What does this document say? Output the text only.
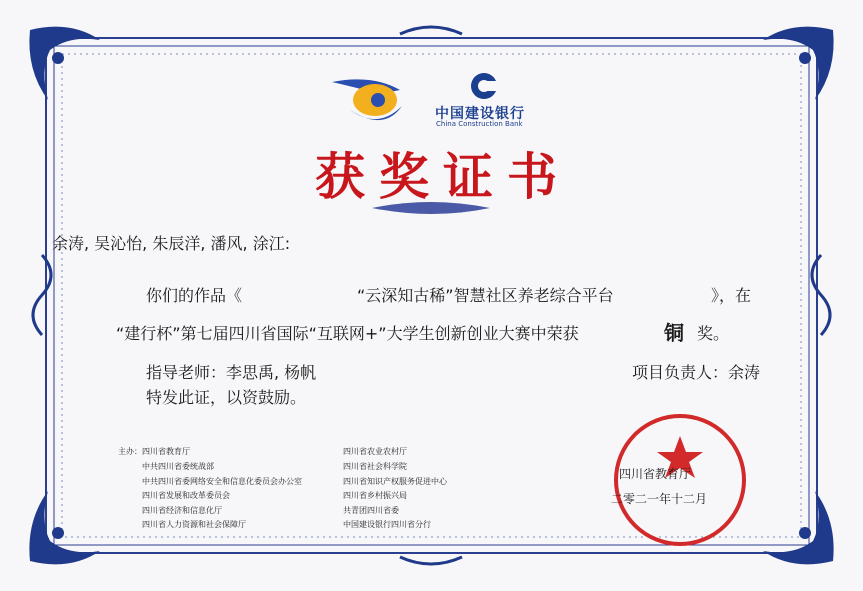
中国建设银行
China Construction Bank
获奖证书
余涛, 吴沁怡, 朱辰洋, 潘风, 涂江:
你们的作品《	“云深知古稀”智慧社区养老综合平台	》，在
“建行杯”第七届四川省国际“互联网+”大学生创新创业大赛中荣获	铜 奖。
指导老师：李思禹, 杨帆	项目负责人：余涛
特发此证，以资鼓励。
主办： 四川省教育厅
中共四川省委统战部
中共四川省委网络安全和信息化委员会办公室
四川省发展和改革委员会
四川省经济和信息化厅
四川省人力资源和社会保障厅
四川省农业农村厅
四川省社会科学院
四川省知识产权服务促进中心
四川省乡村振兴局
共青团四川省委
中国建设银行四川省分行
四川省教育厅
二零二一年十二月
